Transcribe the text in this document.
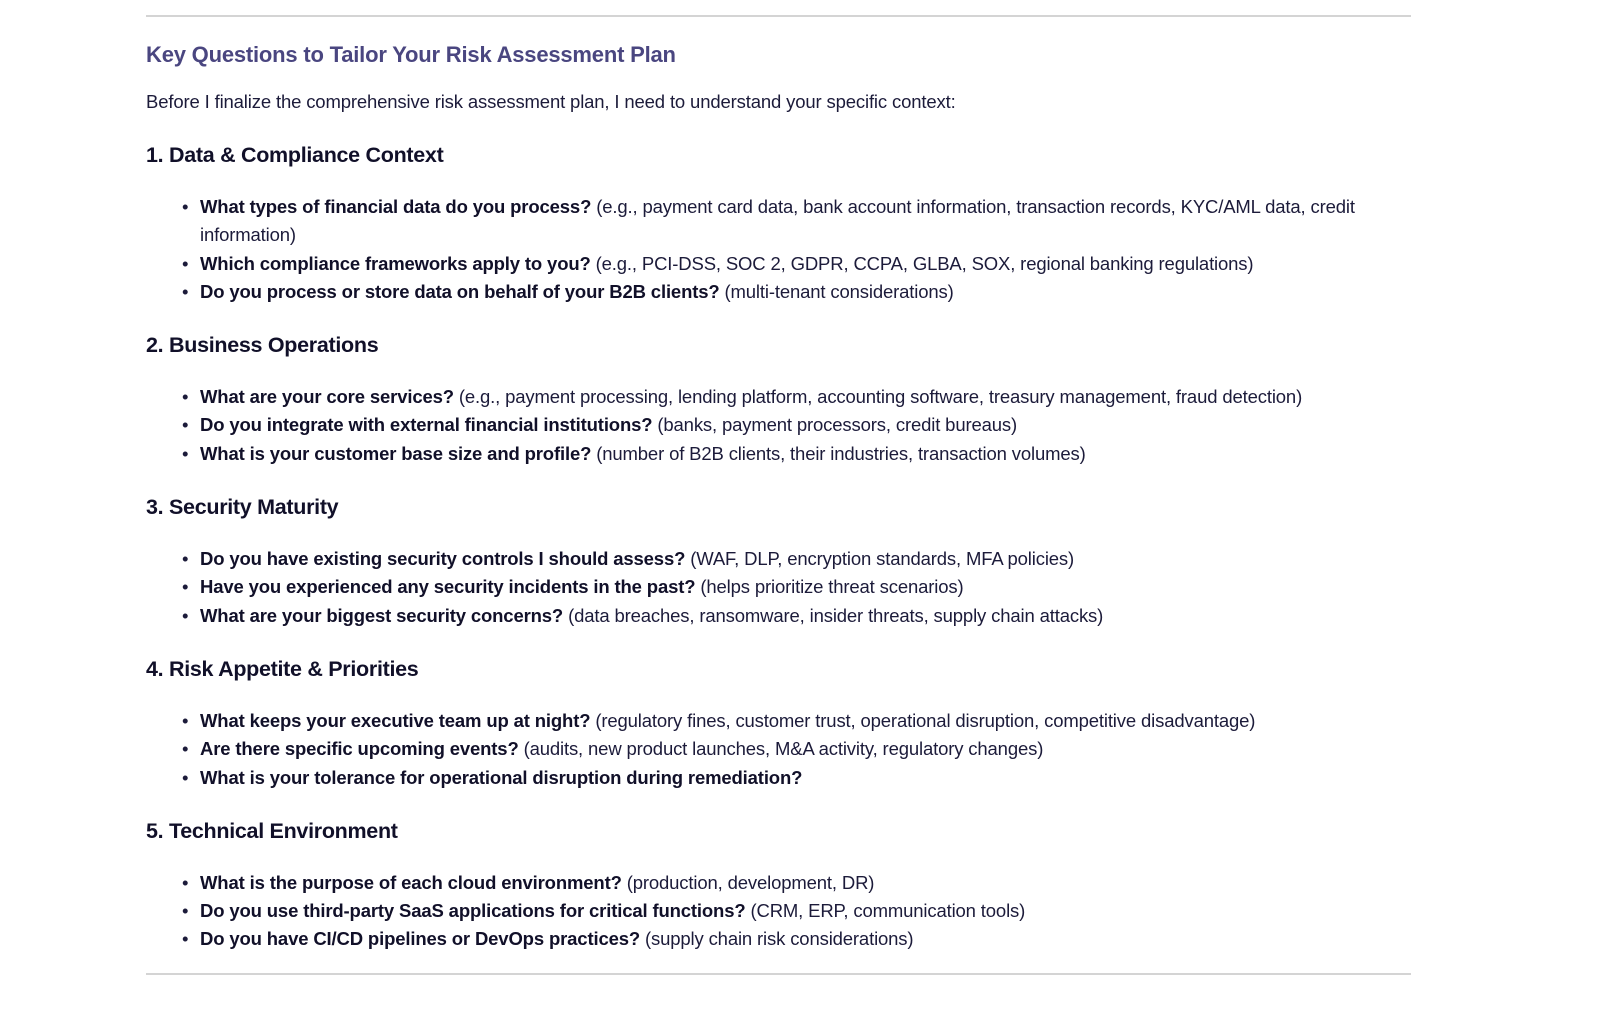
Key Questions to Tailor Your Risk Assessment Plan

Before I finalize the comprehensive risk assessment plan, I need to understand your specific context:

1. Data & Compliance Context
• What types of financial data do you process? (e.g., payment card data, bank account information, transaction records, KYC/AML data, credit information)
• Which compliance frameworks apply to you? (e.g., PCI-DSS, SOC 2, GDPR, CCPA, GLBA, SOX, regional banking regulations)
• Do you process or store data on behalf of your B2B clients? (multi-tenant considerations)
2. Business Operations
• What are your core services? (e.g., payment processing, lending platform, accounting software, treasury management, fraud detection)
• Do you integrate with external financial institutions? (banks, payment processors, credit bureaus)
• What is your customer base size and profile? (number of B2B clients, their industries, transaction volumes)
3. Security Maturity
• Do you have existing security controls I should assess? (WAF, DLP, encryption standards, MFA policies)
• Have you experienced any security incidents in the past? (helps prioritize threat scenarios)
• What are your biggest security concerns? (data breaches, ransomware, insider threats, supply chain attacks)
4. Risk Appetite & Priorities
• What keeps your executive team up at night? (regulatory fines, customer trust, operational disruption, competitive disadvantage)
• Are there specific upcoming events? (audits, new product launches, M&A activity, regulatory changes)
• What is your tolerance for operational disruption during remediation?
5. Technical Environment
• What is the purpose of each cloud environment? (production, development, DR)
• Do you use third-party SaaS applications for critical functions? (CRM, ERP, communication tools)
• Do you have CI/CD pipelines or DevOps practices? (supply chain risk considerations)
